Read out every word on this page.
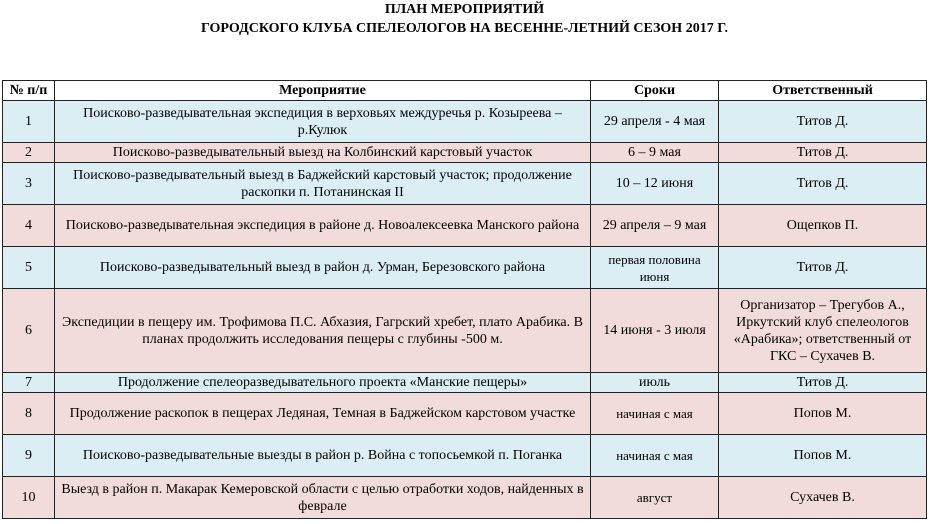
ПЛАН МЕРОПРИЯТИЙ
ГОРОДСКОГО КЛУБА СПЕЛЕОЛОГОВ НА ВЕСЕННЕ-ЛЕТНИЙ СЕЗОН 2017 Г.
№ п/п	Мероприятие	Сроки	Ответственный
1	Поисково-разведывательная экспедиция в верховьях междуречья р. Козыреева – р.Кулюк	29 апреля - 4 мая	Титов Д.
2	Поисково-разведывательный выезд на Колбинский карстовый участок	6 – 9 мая	Титов Д.
3	Поисково-разведывательный выезд в Баджейский карстовый участок; продолжение раскопки п. Потанинская II	10 – 12 июня	Титов Д.
4	Поисково-разведывательная экспедиция в районе д. Новоалексеевка Манского района	29 апреля – 9 мая	Ощепков П.
5	Поисково-разведывательный выезд в район д. Урман, Березовского района	первая половина июня	Титов Д.
6	Экспедиции в пещеру им. Трофимова П.С. Абхазия, Гагрский хребет, плато Арабика. В планах продолжить исследования пещеры с глубины -500 м.	14 июня - 3 июля	Организатор – Трегубов А., Иркутский клуб спелеологов «Арабика»; ответственный от ГКС – Сухачев В.
7	Продолжение спелеоразведывательного проекта «Манские пещеры»	июль	Титов Д.
8	Продолжение раскопок в пещерах Ледяная, Темная в Баджейском карстовом участке	начиная с мая	Попов М.
9	Поисково-разведывательные выезды в район р. Война с топосьемкой п. Поганка	начиная с мая	Попов М.
10	Выезд в район п. Макарак Кемеровской области с целью отработки ходов, найденных в феврале	август	Сухачев В.
